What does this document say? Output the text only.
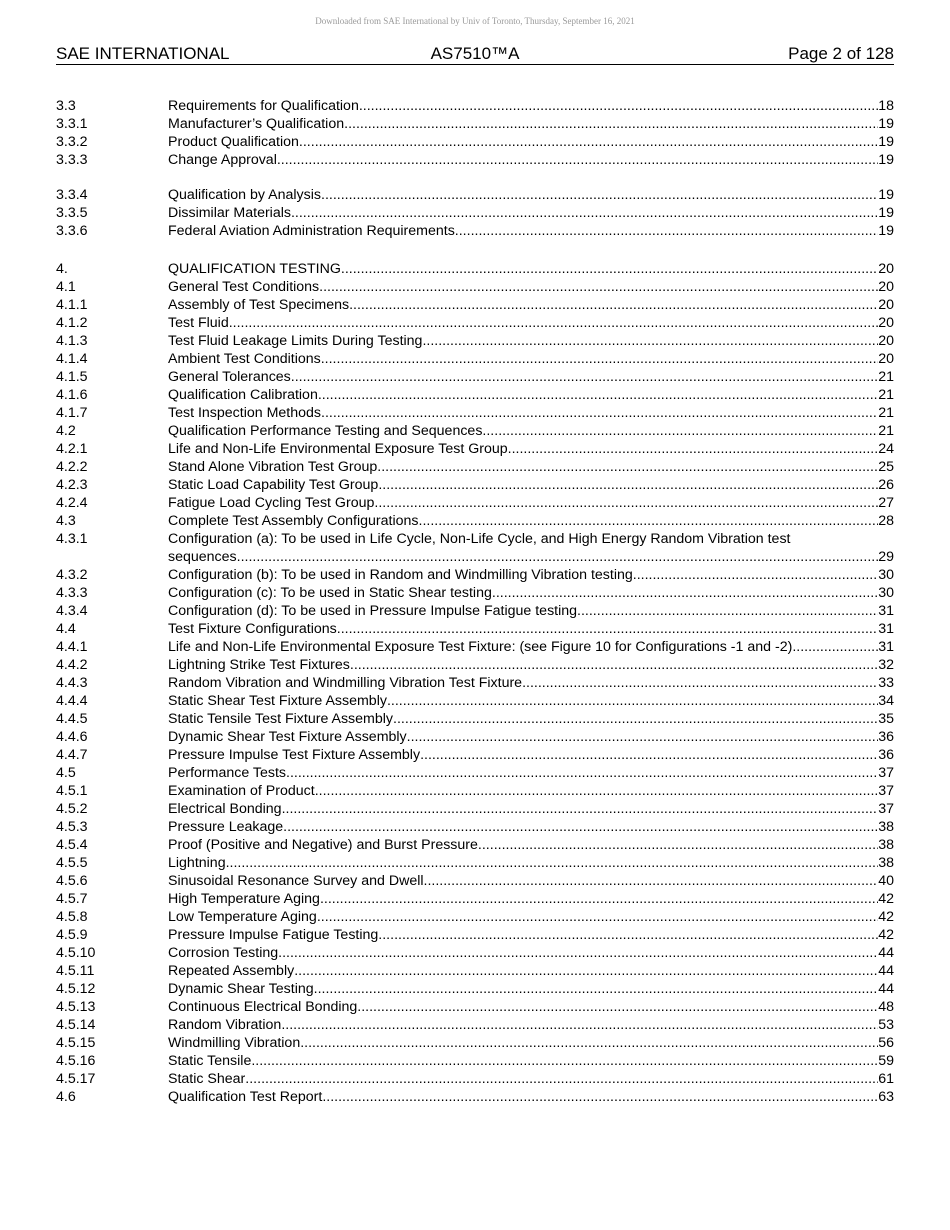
Downloaded from SAE International by Univ of Toronto, Thursday, September 16, 2021
SAE INTERNATIONAL	AS7510™A	Page 2 of 128
3.3	Requirements for Qualification .....	18
3.3.1	Manufacturer’s Qualification .....	19
3.3.2	Product Qualification .....	19
3.3.3	Change Approval .....	19
3.3.4	Qualification by Analysis .....	19
3.3.5	Dissimilar Materials .....	19
3.3.6	Federal Aviation Administration Requirements .....	19
4.	QUALIFICATION TESTING .....	20
4.1	General Test Conditions .....	20
4.1.1	Assembly of Test Specimens .....	20
4.1.2	Test Fluid .....	20
4.1.3	Test Fluid Leakage Limits During Testing .....	20
4.1.4	Ambient Test Conditions .....	20
4.1.5	General Tolerances .....	21
4.1.6	Qualification Calibration .....	21
4.1.7	Test Inspection Methods .....	21
4.2	Qualification Performance Testing and Sequences .....	21
4.2.1	Life and Non-Life Environmental Exposure Test Group .....	24
4.2.2	Stand Alone Vibration Test Group .....	25
4.2.3	Static Load Capability Test Group .....	26
4.2.4	Fatigue Load Cycling Test Group .....	27
4.3	Complete Test Assembly Configurations .....	28
4.3.1	Configuration (a): To be used in Life Cycle, Non-Life Cycle, and High Energy Random Vibration test
sequences. .....	29
4.3.2	Configuration (b): To be used in Random and Windmilling Vibration testing. .....	30
4.3.3	Configuration (c): To be used in Static Shear testing. .....	30
4.3.4	Configuration (d): To be used in Pressure Impulse Fatigue testing. .....	31
4.4	Test Fixture Configurations .....	31
4.4.1	Life and Non-Life Environmental Exposure Test Fixture: (see Figure 10 for Configurations -1 and -2) .....	31
4.4.2	Lightning Strike Test Fixtures .....	32
4.4.3	Random Vibration and Windmilling Vibration Test Fixture .....	33
4.4.4	Static Shear Test Fixture Assembly .....	34
4.4.5	Static Tensile Test Fixture Assembly .....	35
4.4.6	Dynamic Shear Test Fixture Assembly .....	36
4.4.7	Pressure Impulse Test Fixture Assembly .....	36
4.5	Performance Tests .....	37
4.5.1	Examination of Product .....	37
4.5.2	Electrical Bonding .....	37
4.5.3	Pressure Leakage .....	38
4.5.4	Proof (Positive and Negative) and Burst Pressure .....	38
4.5.5	Lightning .....	38
4.5.6	Sinusoidal Resonance Survey and Dwell .....	40
4.5.7	High Temperature Aging .....	42
4.5.8	Low Temperature Aging .....	42
4.5.9	Pressure Impulse Fatigue Testing .....	42
4.5.10	Corrosion Testing .....	44
4.5.11	Repeated Assembly .....	44
4.5.12	Dynamic Shear Testing .....	44
4.5.13	Continuous Electrical Bonding .....	48
4.5.14	Random Vibration .....	53
4.5.15	Windmilling Vibration .....	56
4.5.16	Static Tensile .....	59
4.5.17	Static Shear .....	61
4.6	Qualification Test Report .....	63
